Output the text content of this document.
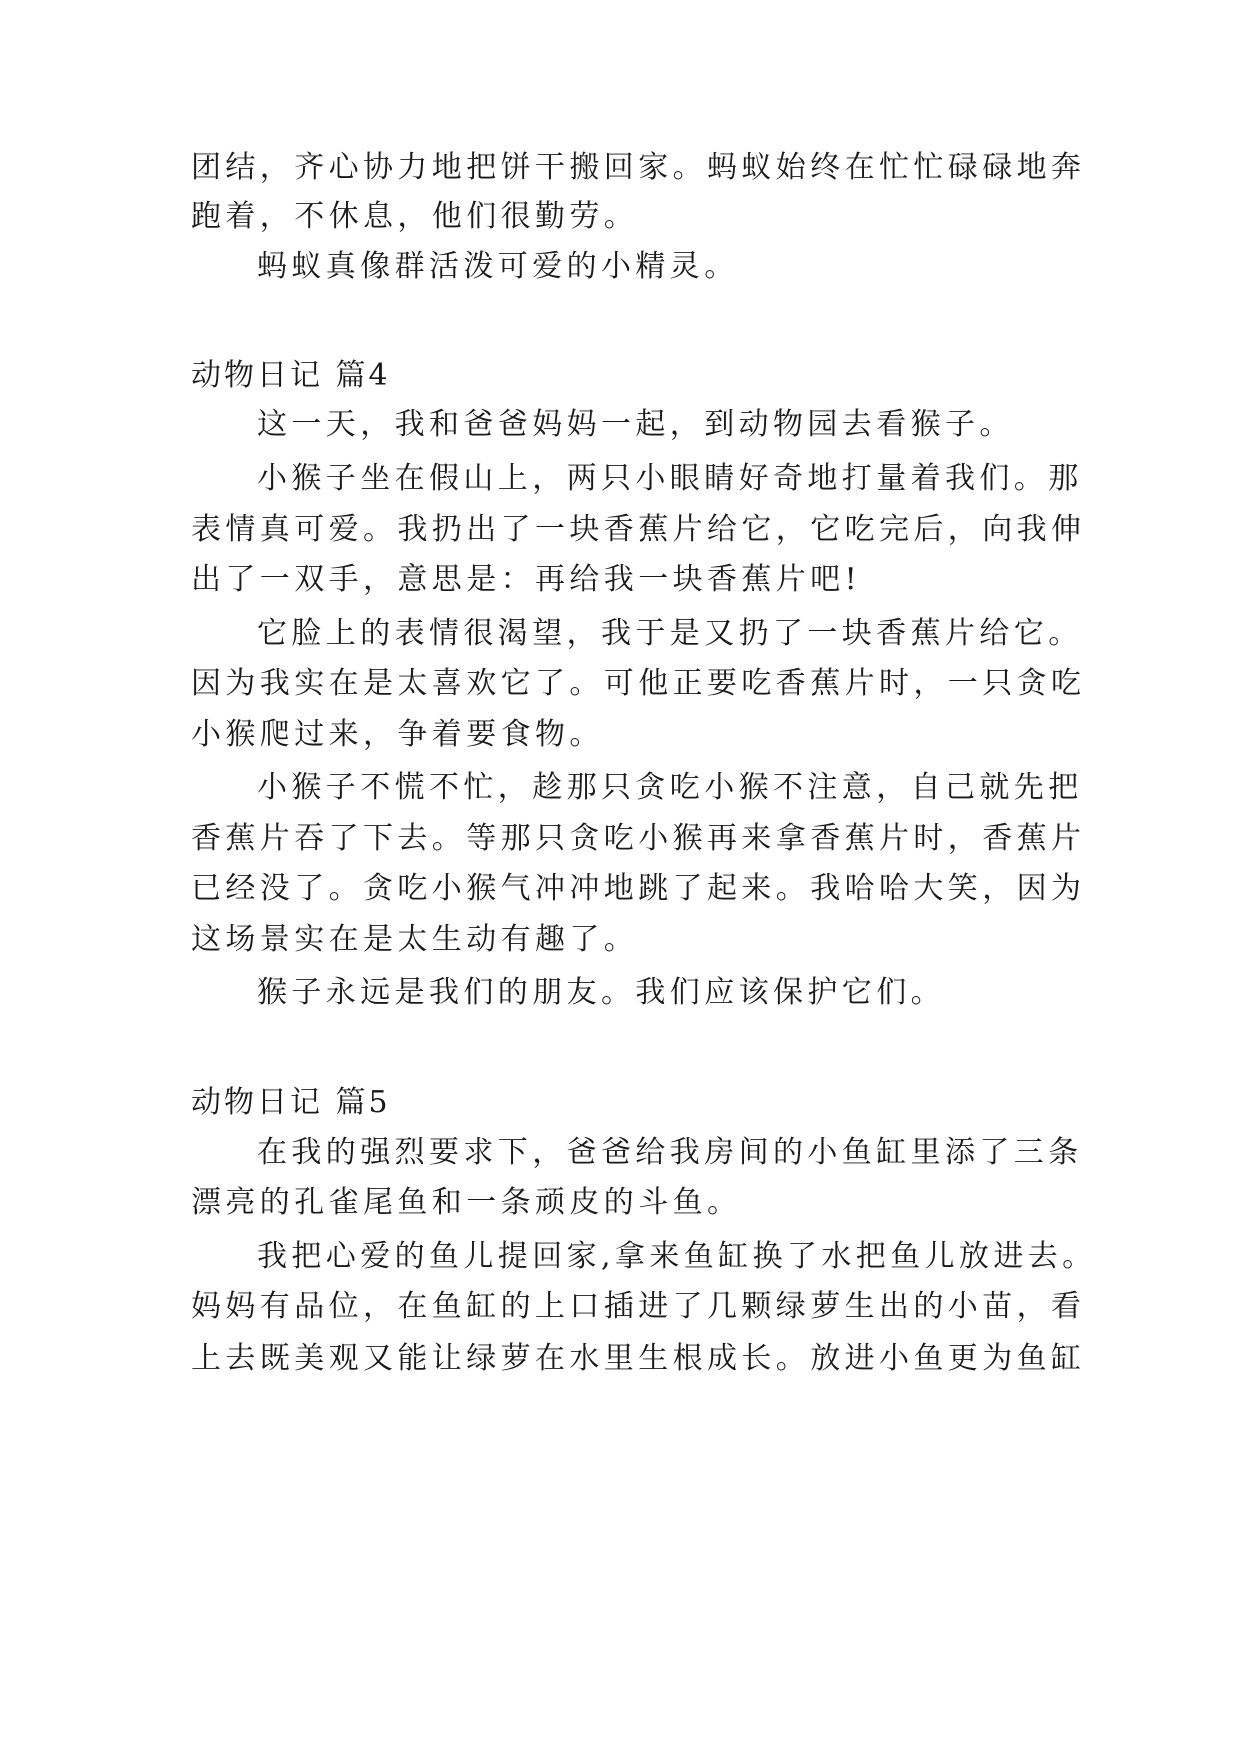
团结，齐心协力地把饼干搬回家。蚂蚁始终在忙忙碌碌地奔
跑着，不休息，他们很勤劳。
蚂蚁真像群活泼可爱的小精灵。
动物日记 篇4
这一天，我和爸爸妈妈一起，到动物园去看猴子。
小猴子坐在假山上，两只小眼睛好奇地打量着我们。那
表情真可爱。我扔出了一块香蕉片给它，它吃完后，向我伸
出了一双手，意思是：再给我一块香蕉片吧!
它脸上的表情很渴望，我于是又扔了一块香蕉片给它。
因为我实在是太喜欢它了。可他正要吃香蕉片时，一只贪吃
小猴爬过来，争着要食物。
小猴子不慌不忙，趁那只贪吃小猴不注意，自己就先把
香蕉片吞了下去。等那只贪吃小猴再来拿香蕉片时，香蕉片
已经没了。贪吃小猴气冲冲地跳了起来。我哈哈大笑，因为
这场景实在是太生动有趣了。
猴子永远是我们的朋友。我们应该保护它们。
动物日记 篇5
在我的强烈要求下，爸爸给我房间的小鱼缸里添了三条
漂亮的孔雀尾鱼和一条顽皮的斗鱼。
我把心爱的鱼儿提回家,拿来鱼缸换了水把鱼儿放进去。
妈妈有品位，在鱼缸的上口插进了几颗绿萝生出的小苗，看
上去既美观又能让绿萝在水里生根成长。放进小鱼更为鱼缸
